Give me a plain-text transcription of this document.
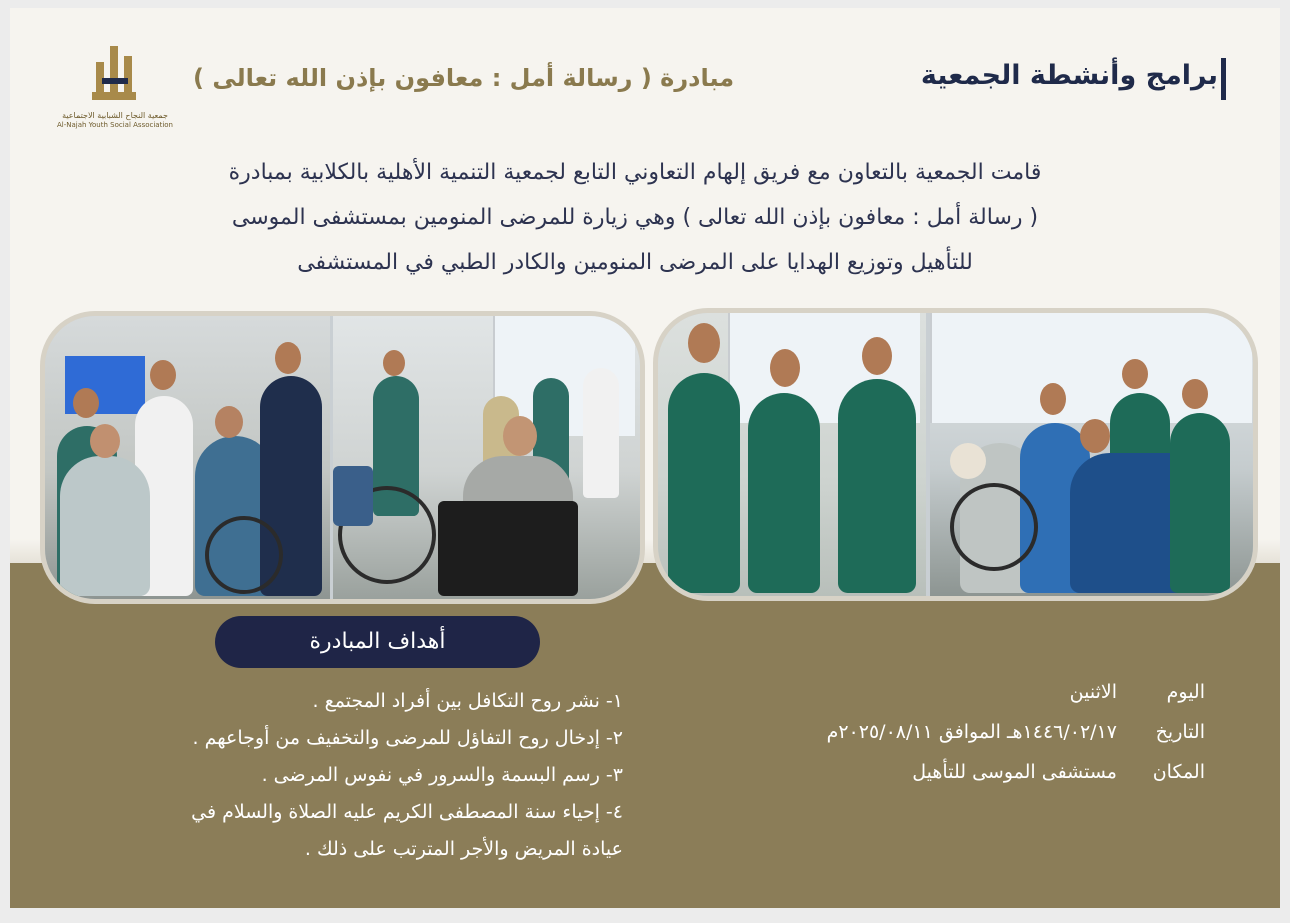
جمعية النجاح الشبابية الاجتماعية
Al-Najah Youth Social Association
برامج وأنشطة الجمعية
مبادرة ( رسالة أمل : معافون بإذن الله تعالى )
قامت الجمعية بالتعاون مع فريق إلهام التعاوني التابع لجمعية التنمية الأهلية بالكلابية بمبادرة
( رسالة أمل : معافون بإذن الله تعالى ) وهي زيارة للمرضى المنومين بمستشفى الموسى
للتأهيل وتوزيع الهدايا على المرضى المنومين والكادر الطبي في المستشفى
أهداف المبادرة
١- نشر روح التكافل بين أفراد المجتمع .
٢- إدخال روح التفاؤل للمرضى والتخفيف من أوجاعهم .
٣- رسم البسمة والسرور في نفوس المرضى .
٤- إحياء سنة المصطفى الكريم عليه الصلاة والسلام في
عيادة المريض والأجر المترتب على ذلك .
اليوم
الاثنين
التاريخ
١٤٤٦/٠٢/١٧هـ الموافق ٢٠٢٥/٠٨/١١م
المكان
مستشفى الموسى للتأهيل
